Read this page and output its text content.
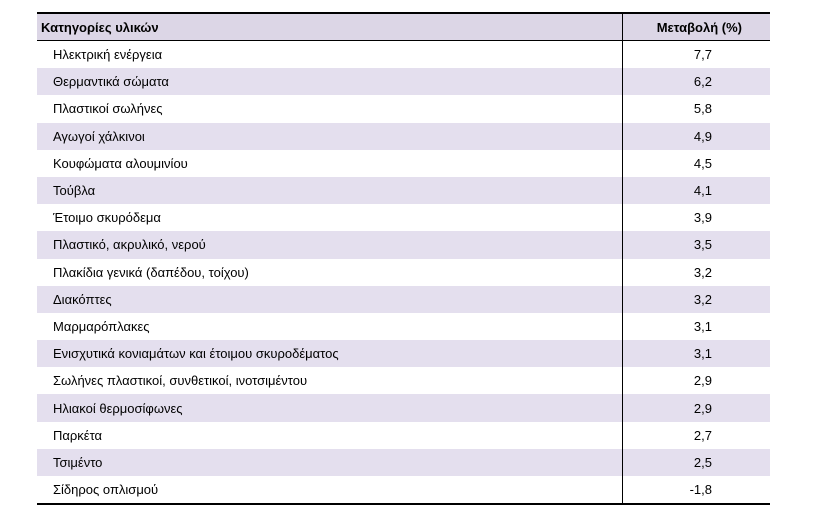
Κατηγορίες υλικών	Μεταβολή (%)
Ηλεκτρική ενέργεια	7,7
Θερμαντικά σώματα	6,2
Πλαστικοί σωλήνες	5,8
Αγωγοί χάλκινοι	4,9
Κουφώματα αλουμινίου	4,5
Τούβλα	4,1
Έτοιμο σκυρόδεμα	3,9
Πλαστικό, ακρυλικό, νερού	3,5
Πλακίδια γενικά (δαπέδου, τοίχου)	3,2
Διακόπτες	3,2
Μαρμαρόπλακες	3,1
Ενισχυτικά κονιαμάτων και έτοιμου σκυροδέματος	3,1
Σωλήνες πλαστικοί, συνθετικοί, ινοτσιμέντου	2,9
Ηλιακοί θερμοσίφωνες	2,9
Παρκέτα	2,7
Τσιμέντο	2,5
Σίδηρος οπλισμού	-1,8
